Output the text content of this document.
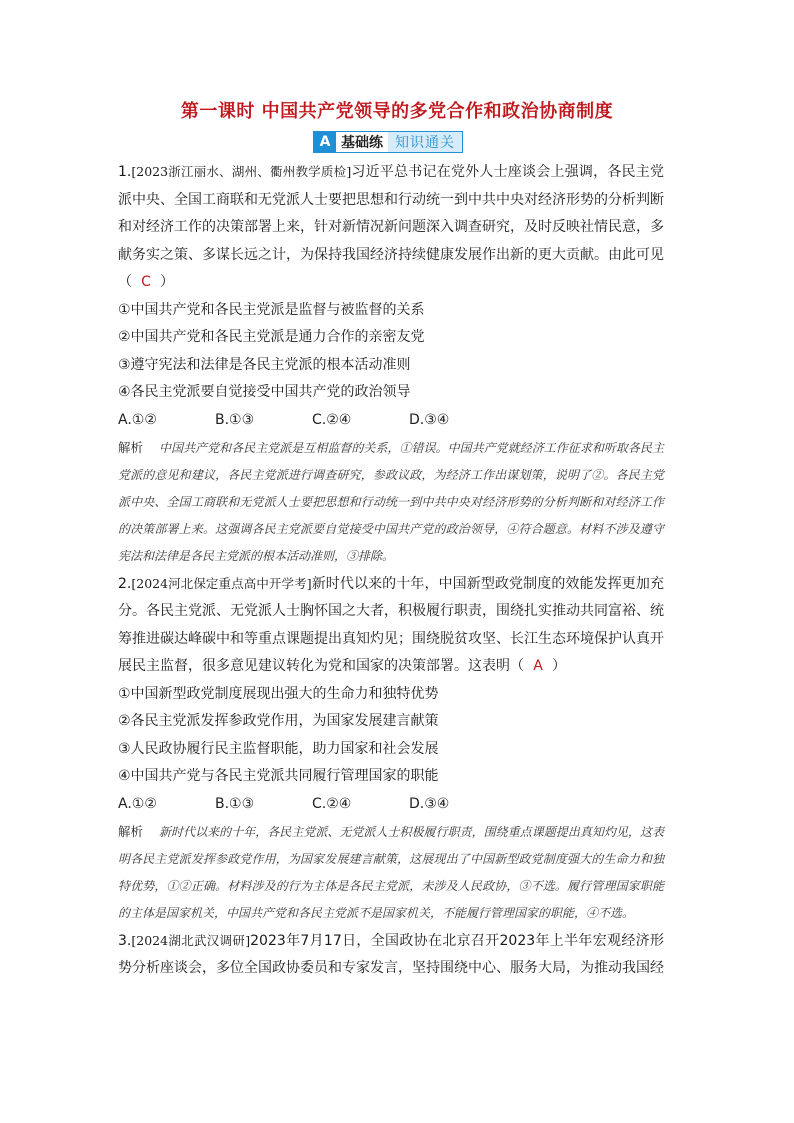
第一课时 中国共产党领导的多党合作和政治协商制度
A 基础练 知识通关
1.[2023浙江丽水、湖州、衢州教学质检]习近平总书记在党外人士座谈会上强调，各民主党派中央、全国工商联和无党派人士要把思想和行动统一到中共中央对经济形势的分析判断和对经济工作的决策部署上来，针对新情况新问题深入调查研究，及时反映社情民意，多献务实之策、多谋长远之计，为保持我国经济持续健康发展作出新的更大贡献。由此可见（ C ）
①中国共产党和各民主党派是监督与被监督的关系
②中国共产党和各民主党派是通力合作的亲密友党
③遵守宪法和法律是各民主党派的根本活动准则
④各民主党派要自觉接受中国共产党的政治领导
A.①②	B.①③	C.②④	D.③④
解析 中国共产党和各民主党派是互相监督的关系，①错误。中国共产党就经济工作征求和听取各民主党派的意见和建议，各民主党派进行调查研究，参政议政，为经济工作出谋划策，说明了②。各民主党派中央、全国工商联和无党派人士要把思想和行动统一到中共中央对经济形势的分析判断和对经济工作的决策部署上来。这强调各民主党派要自觉接受中国共产党的政治领导，④符合题意。材料不涉及遵守宪法和法律是各民主党派的根本活动准则，③排除。
2.[2024河北保定重点高中开学考]新时代以来的十年，中国新型政党制度的效能发挥更加充分。各民主党派、无党派人士胸怀国之大者，积极履行职责，围绕扎实推动共同富裕、统筹推进碳达峰碳中和等重点课题提出真知灼见；围绕脱贫攻坚、长江生态环境保护认真开展民主监督，很多意见建议转化为党和国家的决策部署。这表明（ A ）
①中国新型政党制度展现出强大的生命力和独特优势
②各民主党派发挥参政党作用，为国家发展建言献策
③人民政协履行民主监督职能，助力国家和社会发展
④中国共产党与各民主党派共同履行管理国家的职能
A.①②	B.①③	C.②④	D.③④
解析 新时代以来的十年，各民主党派、无党派人士积极履行职责，围绕重点课题提出真知灼见，这表明各民主党派发挥参政党作用，为国家发展建言献策，这展现出了中国新型政党制度强大的生命力和独特优势，①②正确。材料涉及的行为主体是各民主党派，未涉及人民政协，③不选。履行管理国家职能的主体是国家机关，中国共产党和各民主党派不是国家机关，不能履行管理国家的职能，④不选。
3.[2024湖北武汉调研]2023年7月17日，全国政协在北京召开2023年上半年宏观经济形势分析座谈会，多位全国政协委员和专家发言，坚持围绕中心、服务大局，为推动我国经
